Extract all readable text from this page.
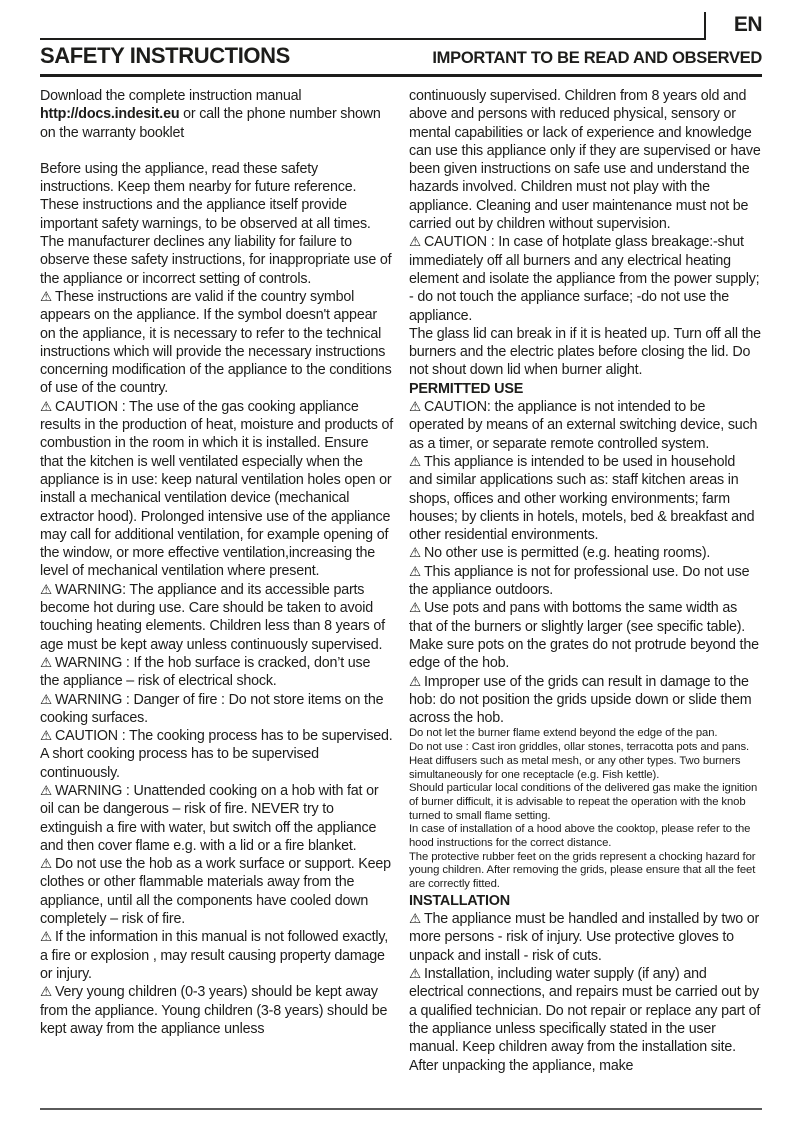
EN
SAFETY INSTRUCTIONS	IMPORTANT TO BE READ AND OBSERVED

Download the complete instruction manual http://docs.indesit.eu or call the phone number shown on the warranty booklet

Before using the appliance, read these safety instructions. Keep them nearby for future reference. These instructions and the appliance itself provide important safety warnings, to be observed at all times. The manufacturer declines any liability for failure to observe these safety instructions, for inappropriate use of the appliance or incorrect setting of controls.

⚠︎ These instructions are valid if the country symbol appears on the appliance. If the symbol doesn't appear on the appliance, it is necessary to refer to the technical instructions which will provide the necessary instructions concerning modification of the appliance to the conditions of use of the country.

⚠︎ CAUTION : The use of the gas cooking appliance results in the production of heat, moisture and products of combustion in the room in which it is installed. Ensure that the kitchen is well ventilated especially when the appliance is in use: keep natural ventilation holes open or install a mechanical ventilation device (mechanical extractor hood). Prolonged intensive use of the appliance may call for additional ventilation, for example opening of the window, or more effective ventilation,increasing the level of mechanical ventilation where present.

⚠︎ WARNING: The appliance and its accessible parts become hot during use. Care should be taken to avoid touching heating elements. Children less than 8 years of age must be kept away unless continuously supervised.

⚠︎ WARNING : If the hob surface is cracked, don’t use the appliance – risk of electrical shock.

⚠︎ WARNING : Danger of fire : Do not store items on the cooking surfaces.

⚠︎ CAUTION : The cooking process has to be supervised. A short cooking process has to be supervised continuously.

⚠︎ WARNING : Unattended cooking on a hob with fat or oil can be dangerous – risk of fire. NEVER try to extinguish a fire with water, but switch off the appliance and then cover flame e.g. with a lid or a fire blanket.

⚠︎ Do not use the hob as a work surface or support. Keep clothes or other flammable materials away from the appliance, until all the components have cooled down completely – risk of fire.

⚠︎ If the information in this manual is not followed exactly, a fire or explosion , may result causing property damage or injury.

⚠︎ Very young children (0-3 years) should be kept away from the appliance. Young children (3-8 years) should be kept away from the appliance unless

continuously supervised. Children from 8 years old and above and persons with reduced physical, sensory or mental capabilities or lack of experience and knowledge can use this appliance only if they are supervised or have been given instructions on safe use and understand the hazards involved. Children must not play with the appliance. Cleaning and user maintenance must not be carried out by children without supervision.

⚠︎ CAUTION : In case of hotplate glass breakage:-shut immediately off all burners and any electrical heating element and isolate the appliance from the power supply; - do not touch the appliance surface; -do not use the appliance.

The glass lid can break in if it is heated up. Turn off all the burners and the electric plates before closing the lid. Do not shout down lid when burner alight.

PERMITTED USE

⚠︎ CAUTION: the appliance is not intended to be operated by means of an external switching device, such as a timer, or separate remote controlled system.

⚠︎ This appliance is intended to be used in household and similar applications such as: staff kitchen areas in shops, offices and other working environments; farm houses; by clients in hotels, motels, bed & breakfast and other residential environments.

⚠︎ No other use is permitted (e.g. heating rooms).

⚠︎ This appliance is not for professional use. Do not use the appliance outdoors.

⚠︎ Use pots and pans with bottoms the same width as that of the burners or slightly larger (see specific table). Make sure pots on the grates do not protrude beyond the edge of the hob.

⚠︎ Improper use of the grids can result in damage to the hob: do not position the grids upside down or slide them across the hob.

Do not let the burner flame extend beyond the edge of the pan.
Do not use : Cast iron griddles, ollar stones, terracotta pots and pans.
Heat diffusers such as metal mesh, or any other types. Two burners simultaneously for one receptacle (e.g. Fish kettle).
Should particular local conditions of the delivered gas make the ignition of burner difficult, it is advisable to repeat the operation with the knob turned to small flame setting.
In case of installation of a hood above the cooktop, please refer to the hood instructions for the correct distance.
The protective rubber feet on the grids represent a chocking hazard for young children. After removing the grids, please ensure that all the feet are correctly fitted.
INSTALLATION

⚠︎ The appliance must be handled and installed by two or more persons - risk of injury. Use protective gloves to unpack and install - risk of cuts.

⚠︎ Installation, including water supply (if any) and electrical connections, and repairs must be carried out by a qualified technician. Do not repair or replace any part of the appliance unless specifically stated in the user manual. Keep children away from the installation site. After unpacking the appliance, make
